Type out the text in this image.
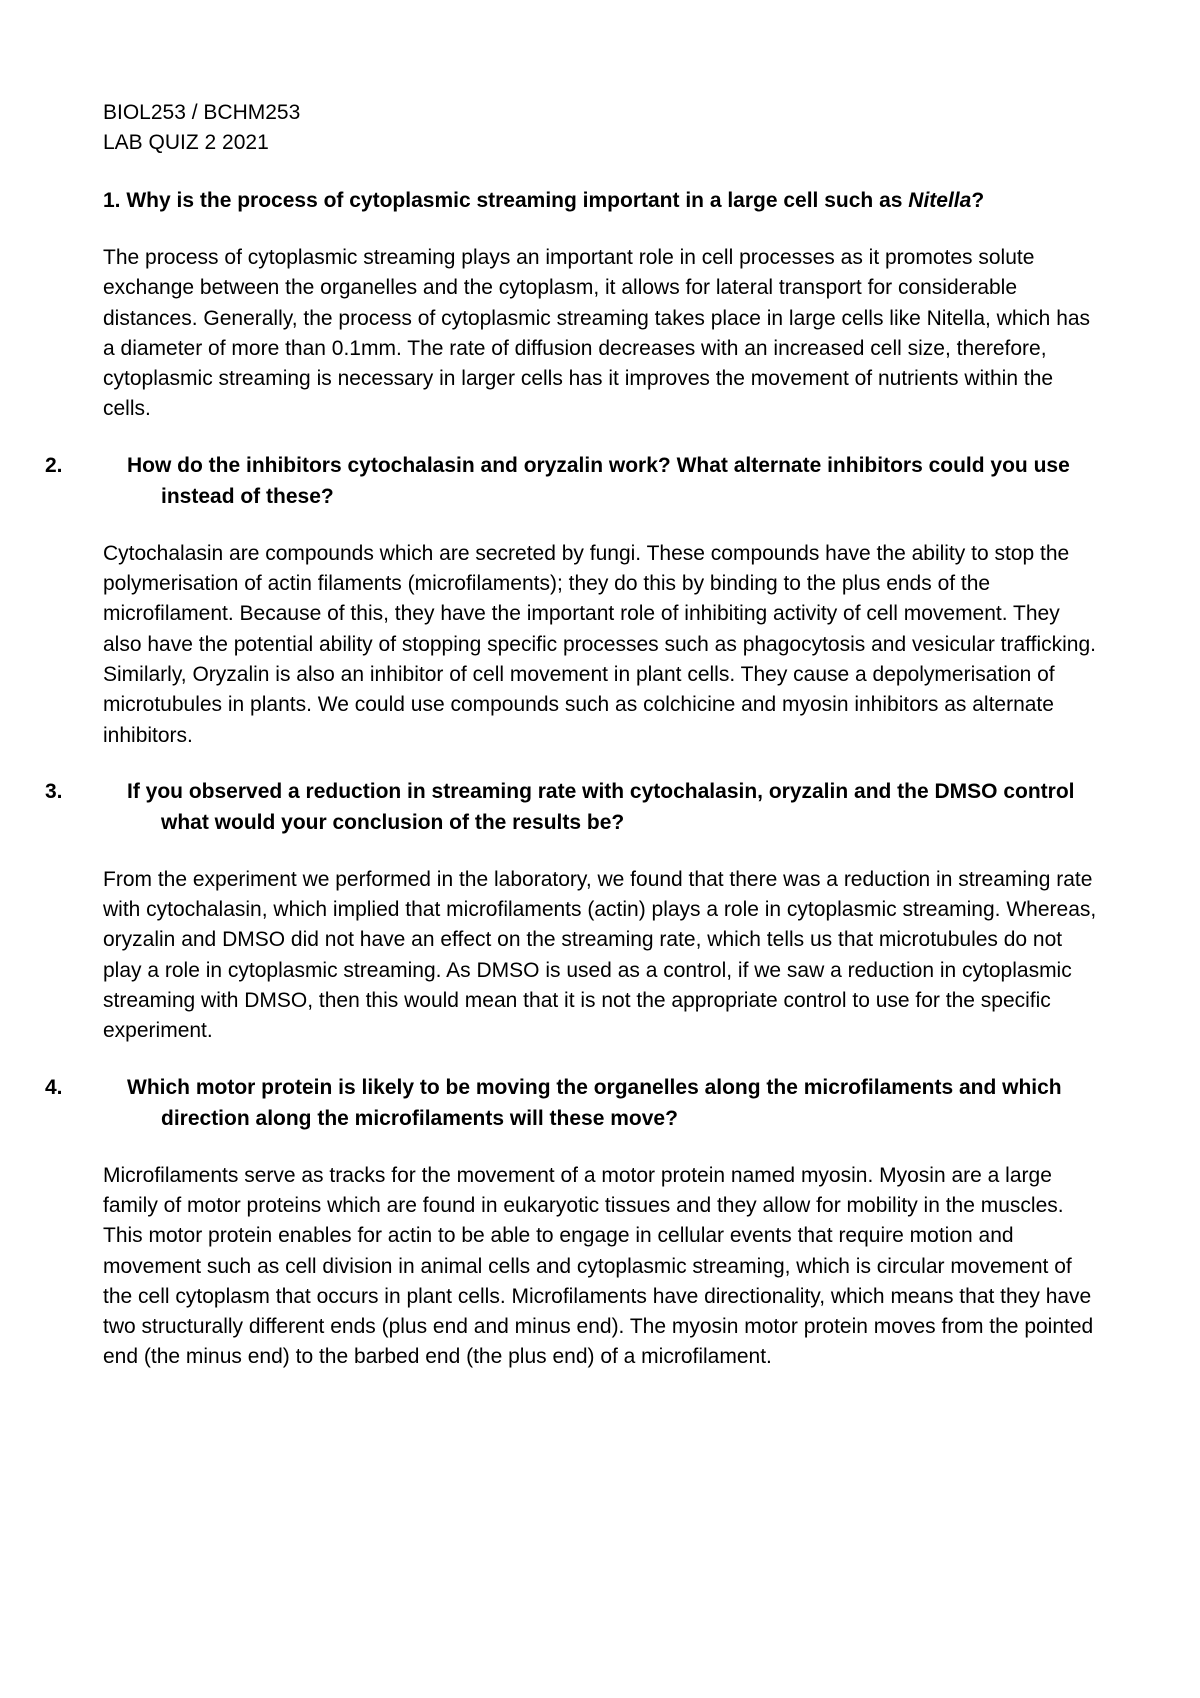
BIOL253 / BCHM253

LAB QUIZ 2 2021

1. Why is the process of cytoplasmic streaming important in a large cell such as Nitella?

The process of cytoplasmic streaming plays an important role in cell processes as it promotes solute exchange between the organelles and the cytoplasm, it allows for lateral transport for considerable distances. Generally, the process of cytoplasmic streaming takes place in large cells like Nitella, which has a diameter of more than 0.1mm. The rate of diffusion decreases with an increased cell size, therefore, cytoplasmic streaming is necessary in larger cells has it improves the movement of nutrients within the cells.

2.	How do the inhibitors cytochalasin and oryzalin work? What alternate inhibitors could you use instead of these?

Cytochalasin are compounds which are secreted by fungi. These compounds have the ability to stop the polymerisation of actin filaments (microfilaments); they do this by binding to the plus ends of the microfilament. Because of this, they have the important role of inhibiting activity of cell movement. They also have the potential ability of stopping specific processes such as phagocytosis and vesicular trafficking. Similarly, Oryzalin is also an inhibitor of cell movement in plant cells. They cause a depolymerisation of microtubules in plants. We could use compounds such as colchicine and myosin inhibitors as alternate inhibitors.

3.	If you observed a reduction in streaming rate with cytochalasin, oryzalin and the DMSO control what would your conclusion of the results be?

From the experiment we performed in the laboratory, we found that there was a reduction in streaming rate with cytochalasin, which implied that microfilaments (actin) plays a role in cytoplasmic streaming. Whereas, oryzalin and DMSO did not have an effect on the streaming rate, which tells us that microtubules do not play a role in cytoplasmic streaming. As DMSO is used as a control, if we saw a reduction in cytoplasmic streaming with DMSO, then this would mean that it is not the appropriate control to use for the specific experiment.

4.	Which motor protein is likely to be moving the organelles along the microfilaments and which direction along the microfilaments will these move?

Microfilaments serve as tracks for the movement of a motor protein named myosin. Myosin are a large family of motor proteins which are found in eukaryotic tissues and they allow for mobility in the muscles. This motor protein enables for actin to be able to engage in cellular events that require motion and movement such as cell division in animal cells and cytoplasmic streaming, which is circular movement of the cell cytoplasm that occurs in plant cells. Microfilaments have directionality, which means that they have two structurally different ends (plus end and minus end). The myosin motor protein moves from the pointed end (the minus end) to the barbed end (the plus end) of a microfilament.
